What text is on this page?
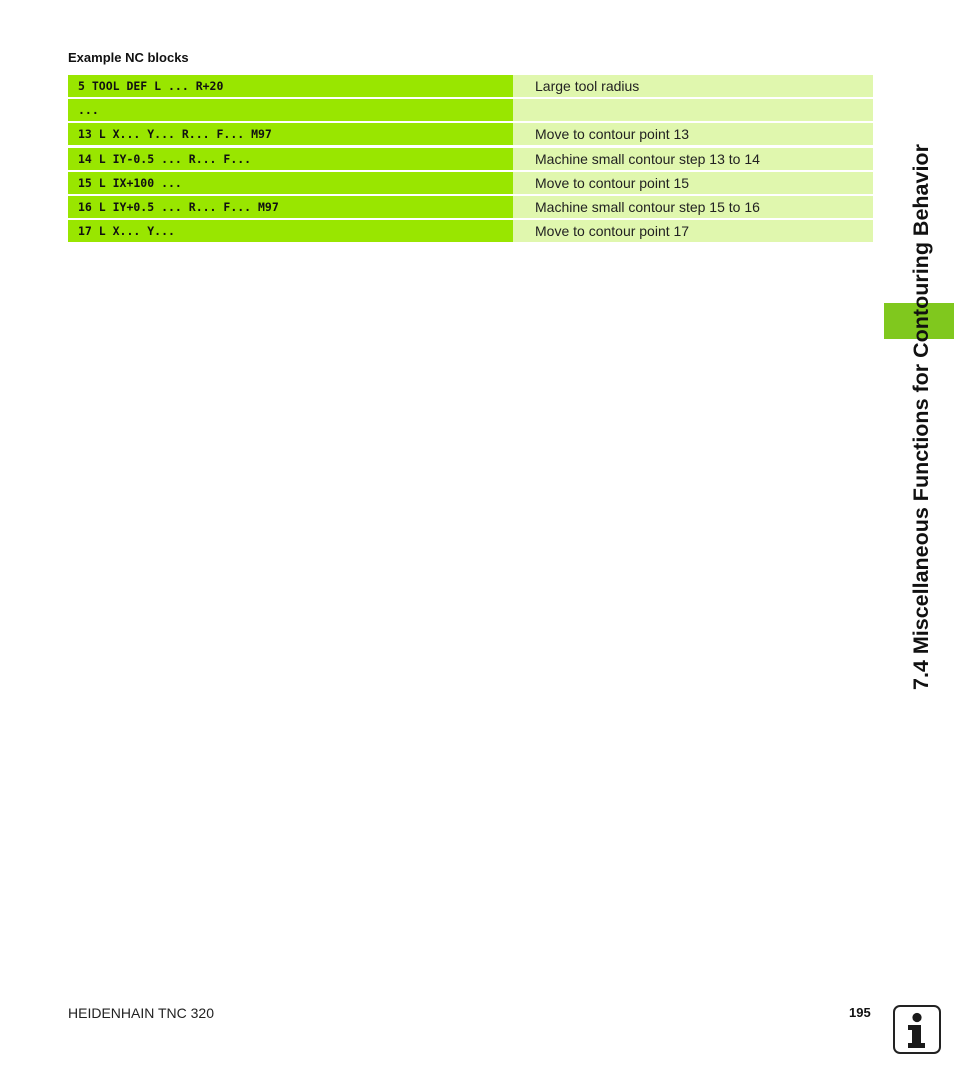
Example NC blocks
5 TOOL DEF L ... R+20	Large tool radius
...
13 L X... Y... R... F... M97	Move to contour point 13
14 L IY-0.5 ... R... F...	Machine small contour step 13 to 14
15 L IX+100 ...	Move to contour point 15
16 L IY+0.5 ... R... F... M97	Machine small contour step 15 to 16
17 L X... Y...	Move to contour point 17	7.4 Miscellaneous Functions for Contouring Behavior
HEIDENHAIN TNC 320	195
